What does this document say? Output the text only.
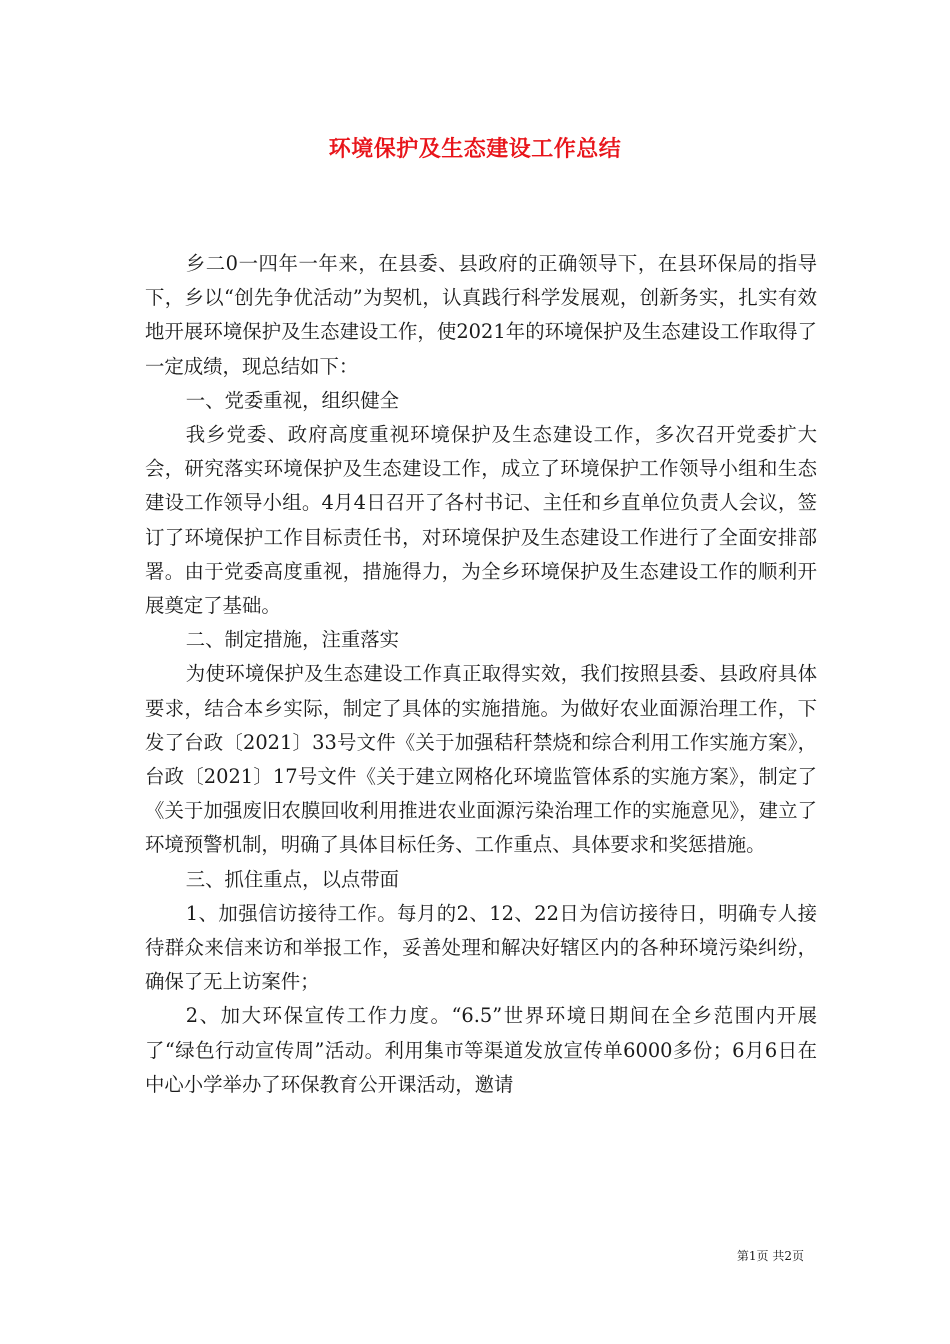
环境保护及生态建设工作总结

乡二0一四年一年来，在县委、县政府的正确领导下，在县环保局的指导下，乡以“创先争优活动”为契机，认真践行科学发展观，创新务实，扎实有效地开展环境保护及生态建设工作，使2021年的环境保护及生态建设工作取得了一定成绩，现总结如下：

一、党委重视，组织健全

我乡党委、政府高度重视环境保护及生态建设工作，多次召开党委扩大会，研究落实环境保护及生态建设工作，成立了环境保护工作领导小组和生态建设工作领导小组。4月4日召开了各村书记、主任和乡直单位负责人会议，签订了环境保护工作目标责任书，对环境保护及生态建设工作进行了全面安排部署。由于党委高度重视，措施得力，为全乡环境保护及生态建设工作的顺利开展奠定了基础。

二、制定措施，注重落实

为使环境保护及生态建设工作真正取得实效，我们按照县委、县政府具体要求，结合本乡实际，制定了具体的实施措施。为做好农业面源治理工作，下发了台政〔2021〕33号文件《关于加强秸秆禁烧和综合利用工作实施方案》，台政〔2021〕17号文件《关于建立网格化环境监管体系的实施方案》，制定了《关于加强废旧农膜回收利用推进农业面源污染治理工作的实施意见》，建立了环境预警机制，明确了具体目标任务、工作重点、具体要求和奖惩措施。

三、抓住重点，以点带面

1、加强信访接待工作。每月的2、12、22日为信访接待日，明确专人接待群众来信来访和举报工作，妥善处理和解决好辖区内的各种环境污染纠纷，确保了无上访案件；

2、加大环保宣传工作力度。“6.5”世界环境日期间在全乡范围内开展了“绿色行动宣传周”活动。利用集市等渠道发放宣传单6000多份；6月6日在中心小学举办了环保教育公开课活动，邀请

第1页 共2页
